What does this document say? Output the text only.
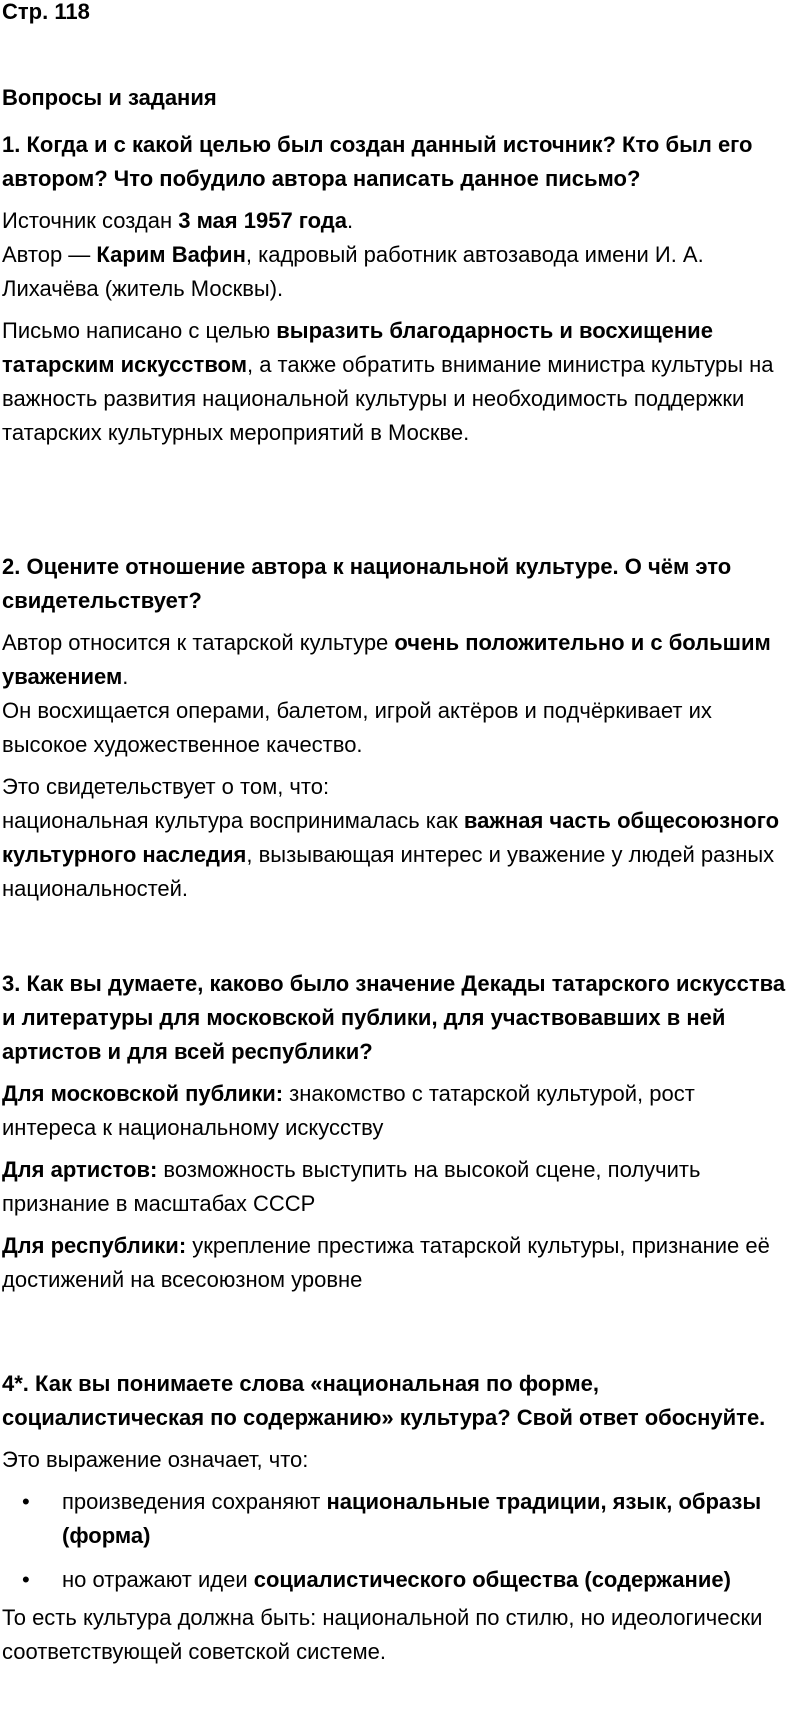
Стр. 118
Вопросы и задания
1. Когда и с какой целью был создан данный источник? Кто был его автором? Что побудило автора написать данное письмо?

Источник создан 3 мая 1957 года.
Автор — Карим Вафин, кадровый работник автозавода имени И. А. Лихачёва (житель Москвы).

Письмо написано с целью выразить благодарность и восхищение татарским искусством, а также обратить внимание министра культуры на важность развития национальной культуры и необходимость поддержки татарских культурных мероприятий в Москве.

2. Оцените отношение автора к национальной культуре. О чём это свидетельствует?

Автор относится к татарской культуре очень положительно и с большим уважением.
Он восхищается операми, балетом, игрой актёров и подчёркивает их высокое художественное качество.

Это свидетельствует о том, что:
национальная культура воспринималась как важная часть общесоюзного культурного наследия, вызывающая интерес и уважение у людей разных национальностей.

3. Как вы думаете, каково было значение Декады татарского искусства и литературы для московской публики, для участвовавших в ней артистов и для всей республики?

Для московской публики: знакомство с татарской культурой, рост интереса к национальному искусству

Для артистов: возможность выступить на высокой сцене, получить признание в масштабах СССР

Для республики: укрепление престижа татарской культуры, признание её достижений на всесоюзном уровне

4*. Как вы понимаете слова «национальная по форме, социалистическая по содержанию» культура? Свой ответ обоснуйте.

Это выражение означает, что:

• произведения сохраняют национальные традиции, язык, образы (форма)
• но отражают идеи социалистического общества (содержание)

То есть культура должна быть: национальной по стилю, но идеологически соответствующей советской системе.
